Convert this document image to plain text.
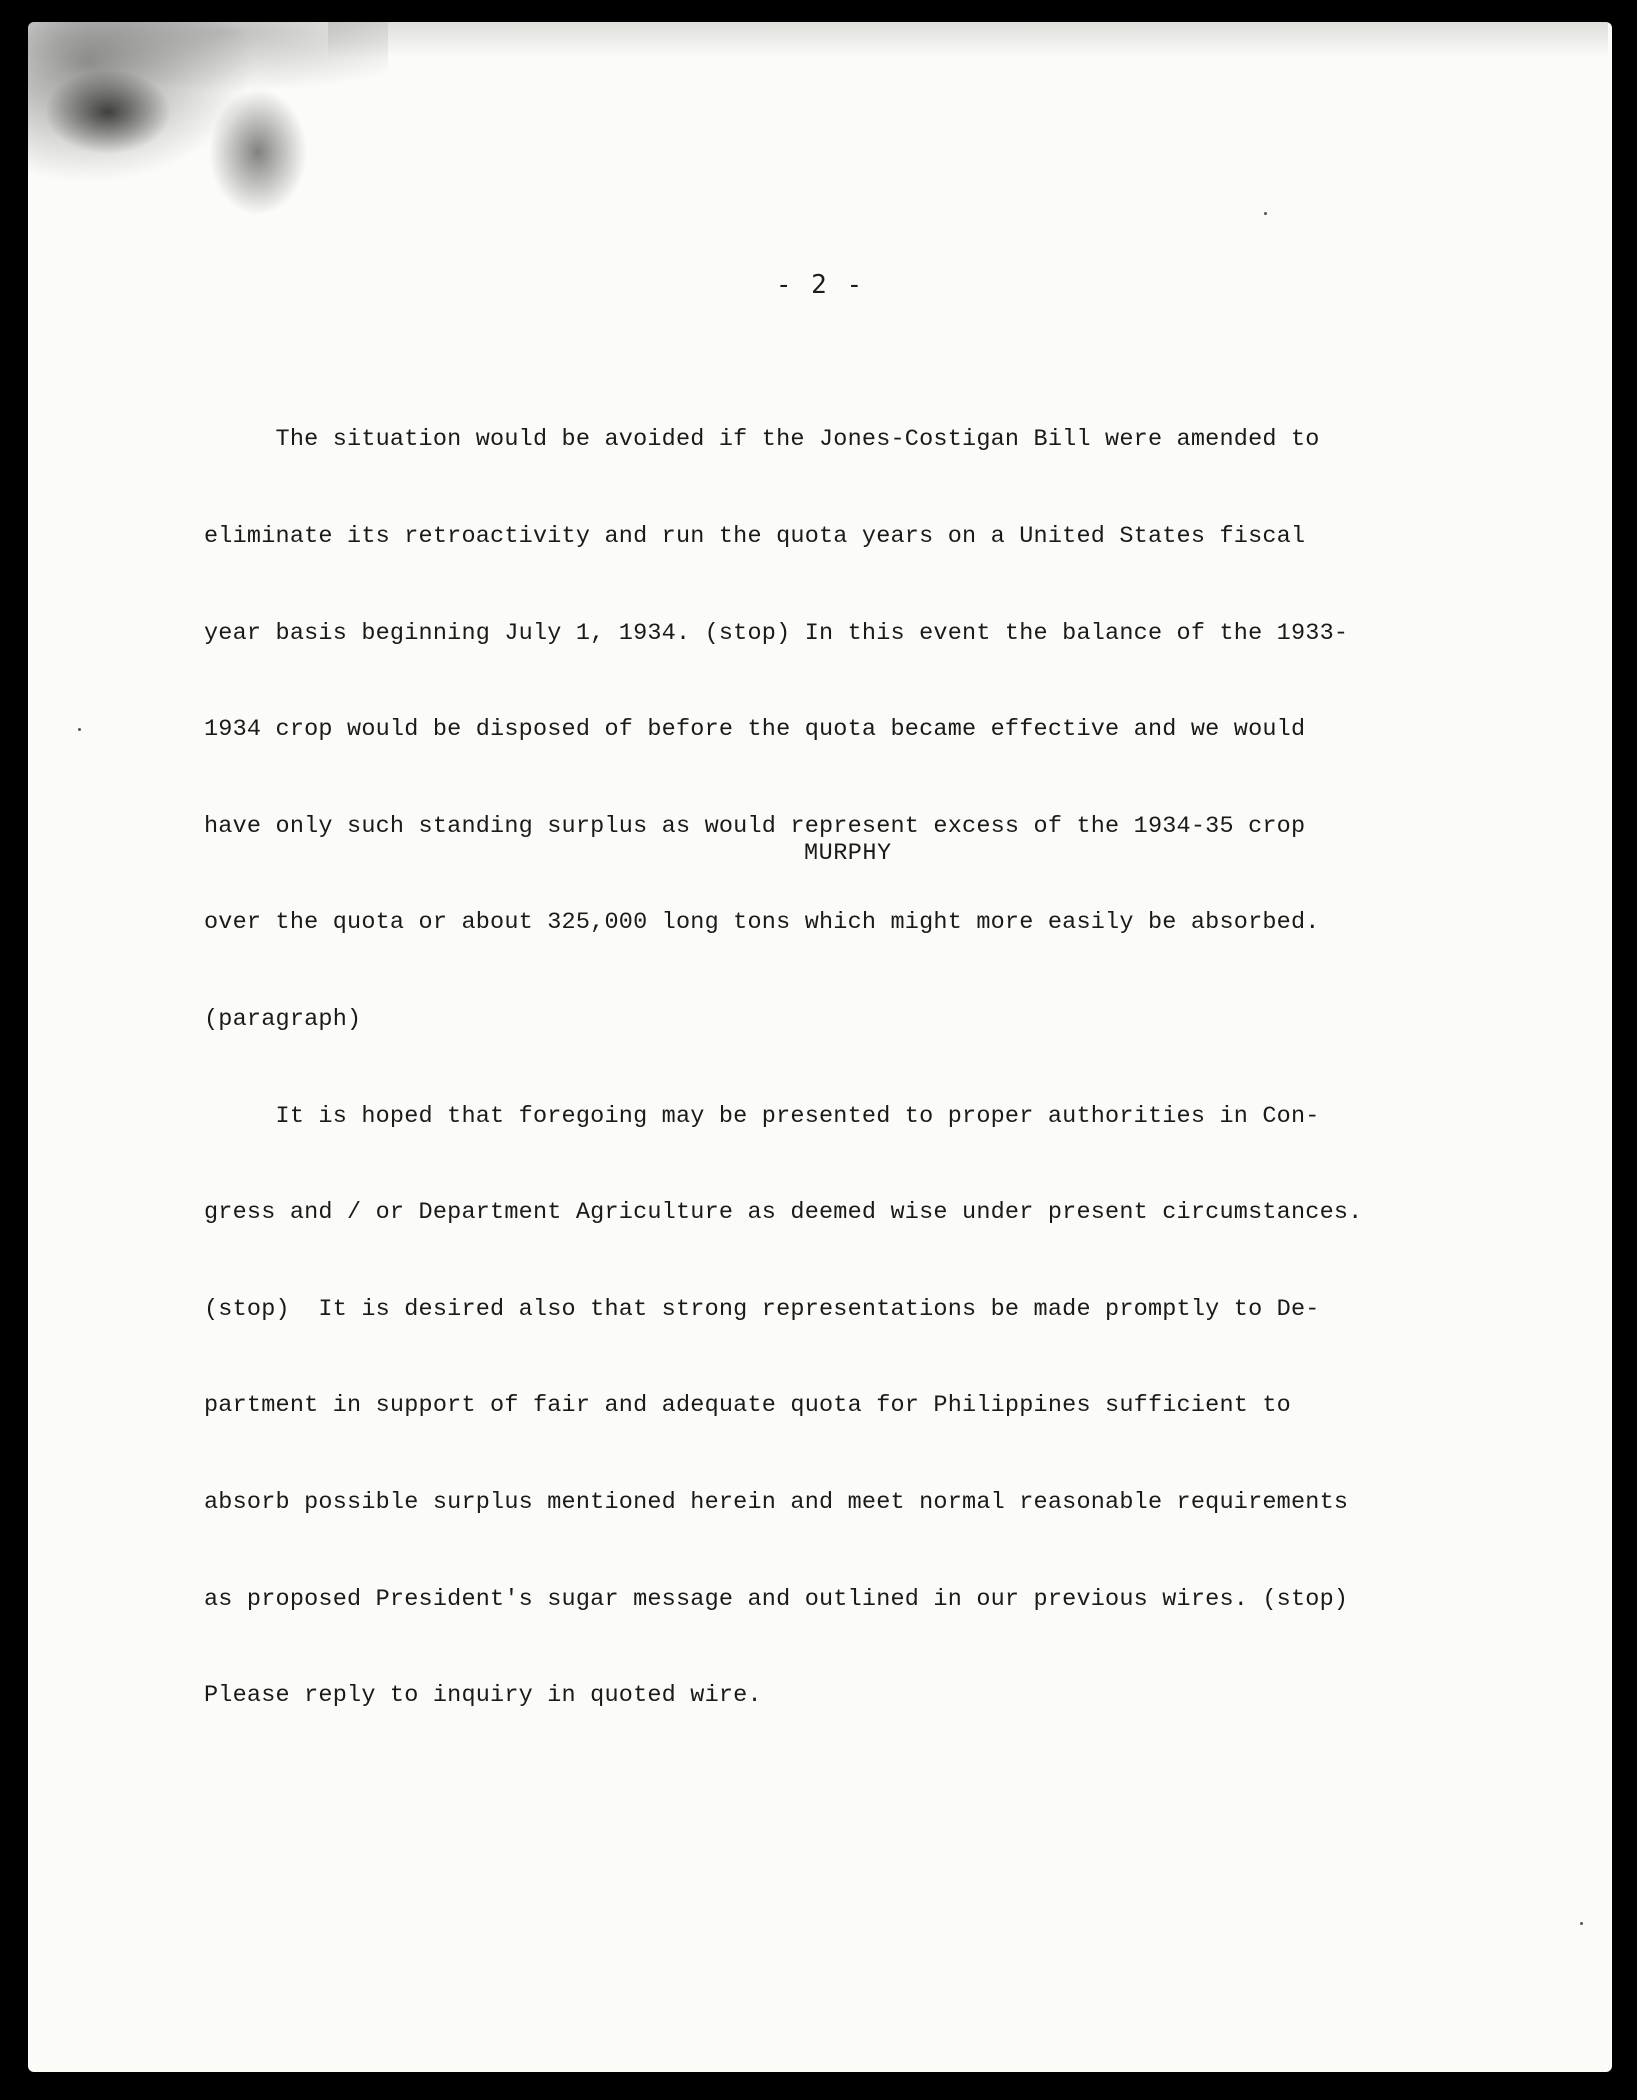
- 2 -

The situation would be avoided if the Jones-Costigan Bill were amended to

eliminate its retroactivity and run the quota years on a United States fiscal

year basis beginning July 1, 1934. (stop) In this event the balance of the 1933-

1934 crop would be disposed of before the quota became effective and we would

have only such standing surplus as would represent excess of the 1934-35 crop

over the quota or about 325,000 long tons which might more easily be absorbed.

(paragraph)

It is hoped that foregoing may be presented to proper authorities in Con-

gress and / or Department Agriculture as deemed wise under present circumstances.

(stop)  It is desired also that strong representations be made promptly to De-

partment in support of fair and adequate quota for Philippines sufficient to

absorb possible surplus mentioned herein and meet normal reasonable requirements

as proposed President's sugar message and outlined in our previous wires. (stop)

Please reply to inquiry in quoted wire.

MURPHY
